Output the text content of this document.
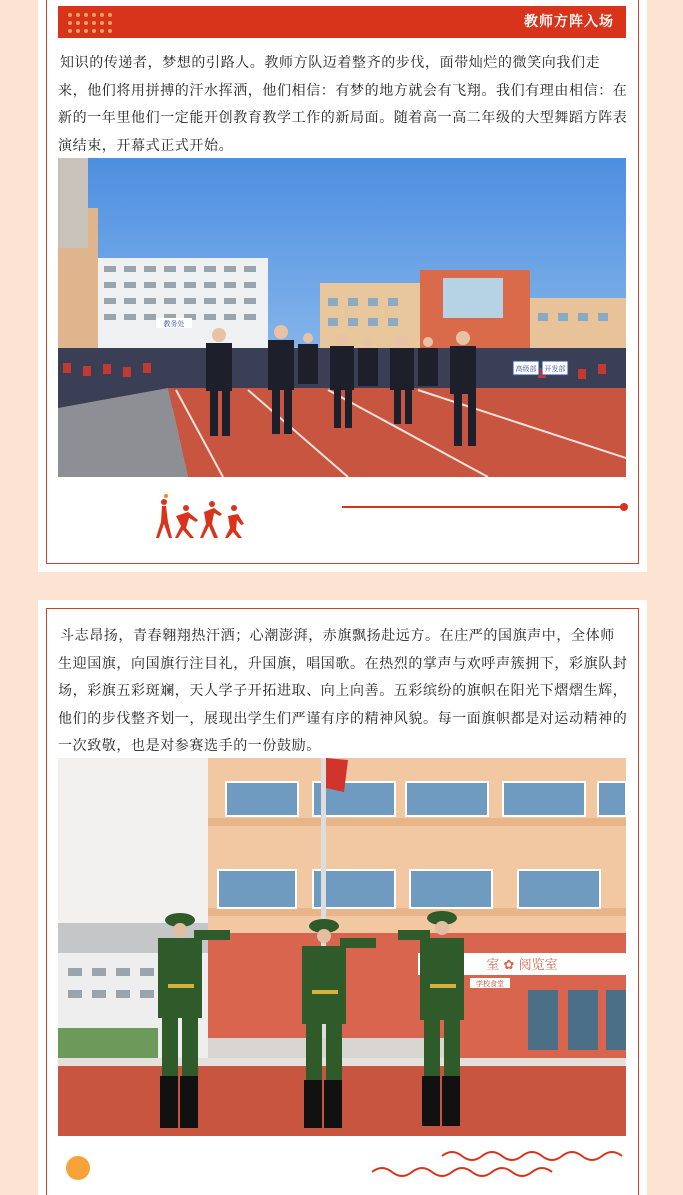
教师方阵入场

知识的传递者，梦想的引路人。教师方队迈着整齐的步伐，面带灿烂的微笑向我们走来，他们将用拼搏的汗水挥洒，他们相信：有梦的地方就会有飞翔。我们有理由相信：在新的一年里他们一定能开创教育教学工作的新局面。随着高一高二年级的大型舞蹈方阵表演结束，开幕式正式开始。

高级部 开发部
教务处

斗志昂扬，青春翱翔热汗洒；心潮澎湃，赤旗飘扬赴远方。在庄严的国旗声中，全体师生迎国旗，向国旗行注目礼，升国旗，唱国歌。在热烈的掌声与欢呼声簇拥下，彩旗队封场，彩旗五彩斑斓，天人学子开拓进取、向上向善。五彩缤纷的旗帜在阳光下熠熠生辉，他们的步伐整齐划一，展现出学生们严谨有序的精神风貌。每一面旗帜都是对运动精神的一次致敬，也是对参赛选手的一份鼓励。

室 ✿ 阅览室
学校食堂
